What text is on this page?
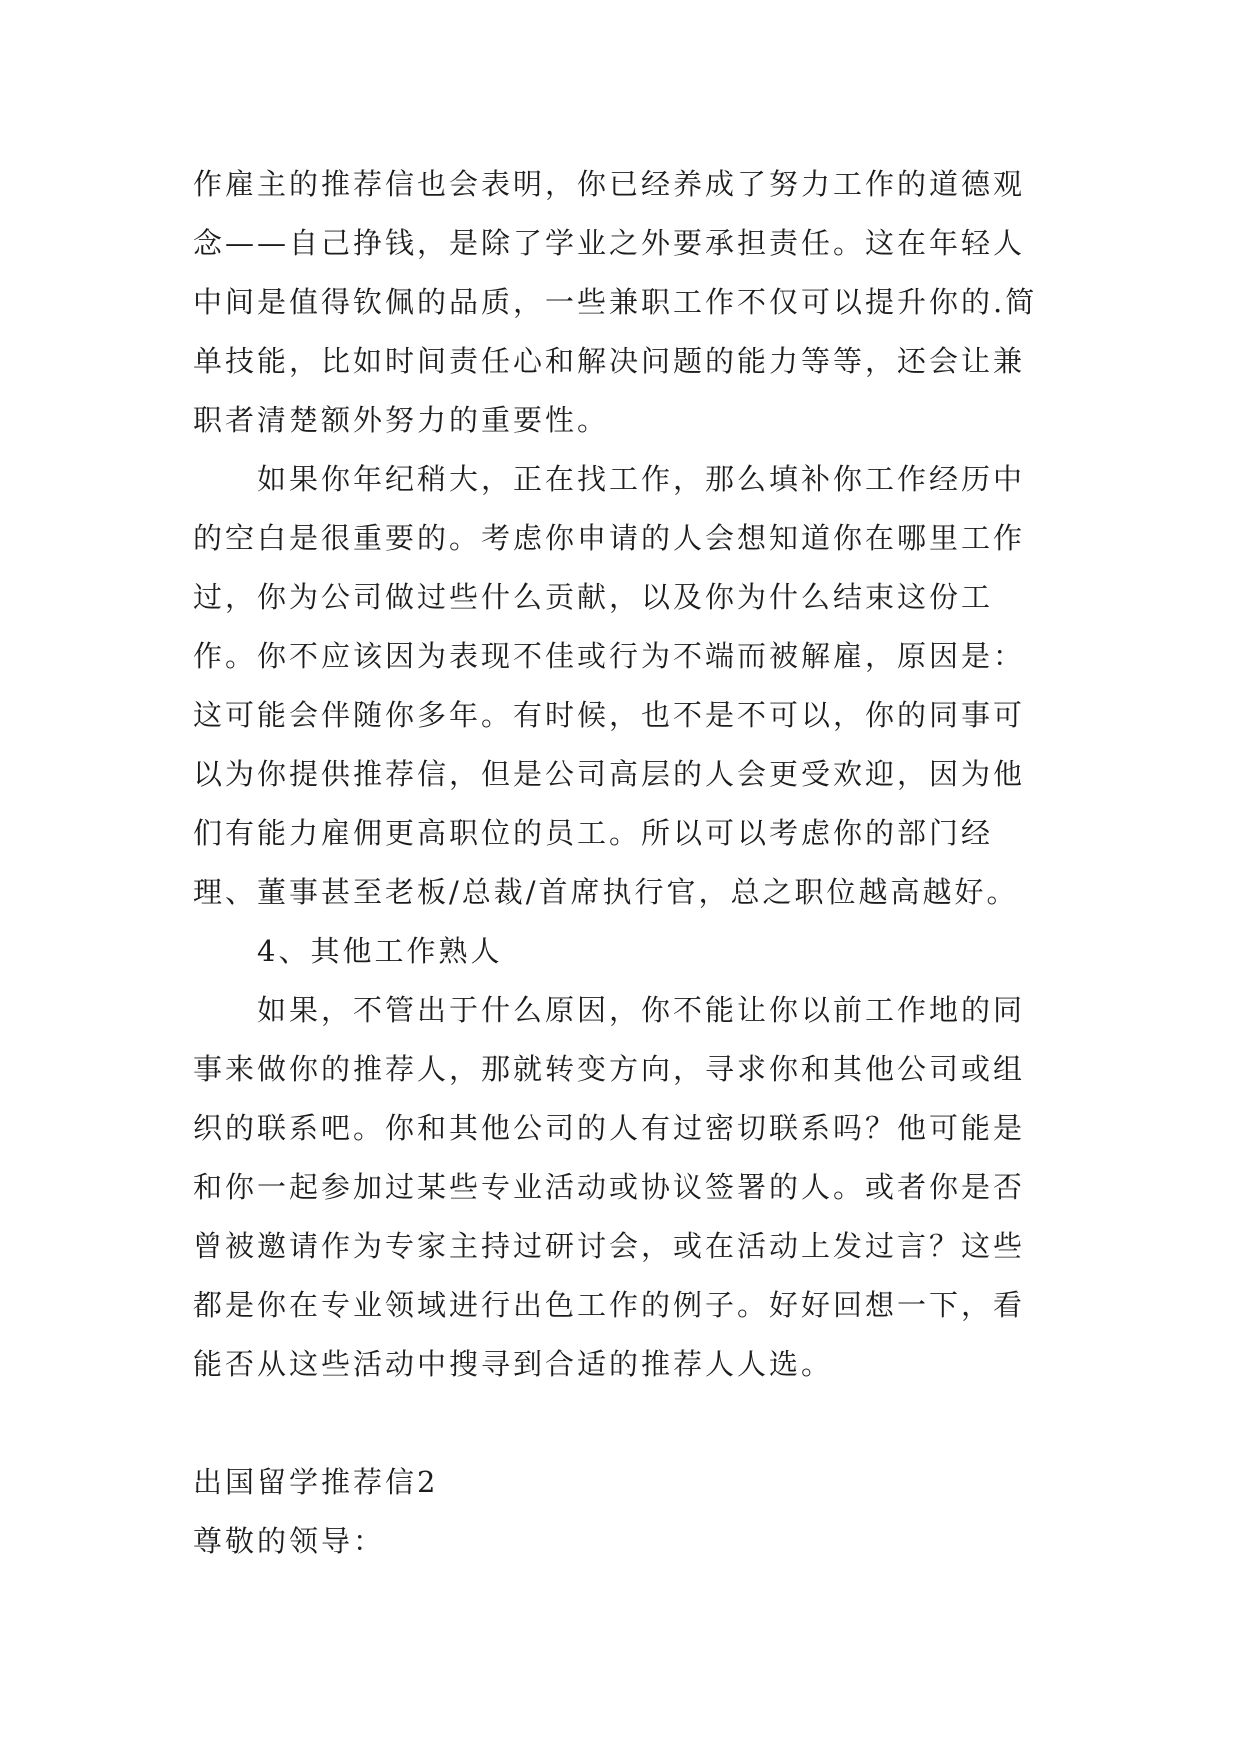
作雇主的推荐信也会表明，你已经养成了努力工作的道德观念——自己挣钱，是除了学业之外要承担责任。这在年轻人中间是值得钦佩的品质，一些兼职工作不仅可以提升你的.简单技能，比如时间责任心和解决问题的能力等等，还会让兼职者清楚额外努力的重要性。

如果你年纪稍大，正在找工作，那么填补你工作经历中的空白是很重要的。考虑你申请的人会想知道你在哪里工作过，你为公司做过些什么贡献，以及你为什么结束这份工作。你不应该因为表现不佳或行为不端而被解雇，原因是：这可能会伴随你多年。有时候，也不是不可以，你的同事可以为你提供推荐信，但是公司高层的人会更受欢迎，因为他们有能力雇佣更高职位的员工。所以可以考虑你的部门经理、董事甚至老板/总裁/首席执行官，总之职位越高越好。

4、其他工作熟人

如果，不管出于什么原因，你不能让你以前工作地的同事来做你的推荐人，那就转变方向，寻求你和其他公司或组织的联系吧。你和其他公司的人有过密切联系吗？他可能是和你一起参加过某些专业活动或协议签署的人。或者你是否曾被邀请作为专家主持过研讨会，或在活动上发过言？这些都是你在专业领域进行出色工作的例子。好好回想一下，看能否从这些活动中搜寻到合适的推荐人人选。

出国留学推荐信2

尊敬的领导：
